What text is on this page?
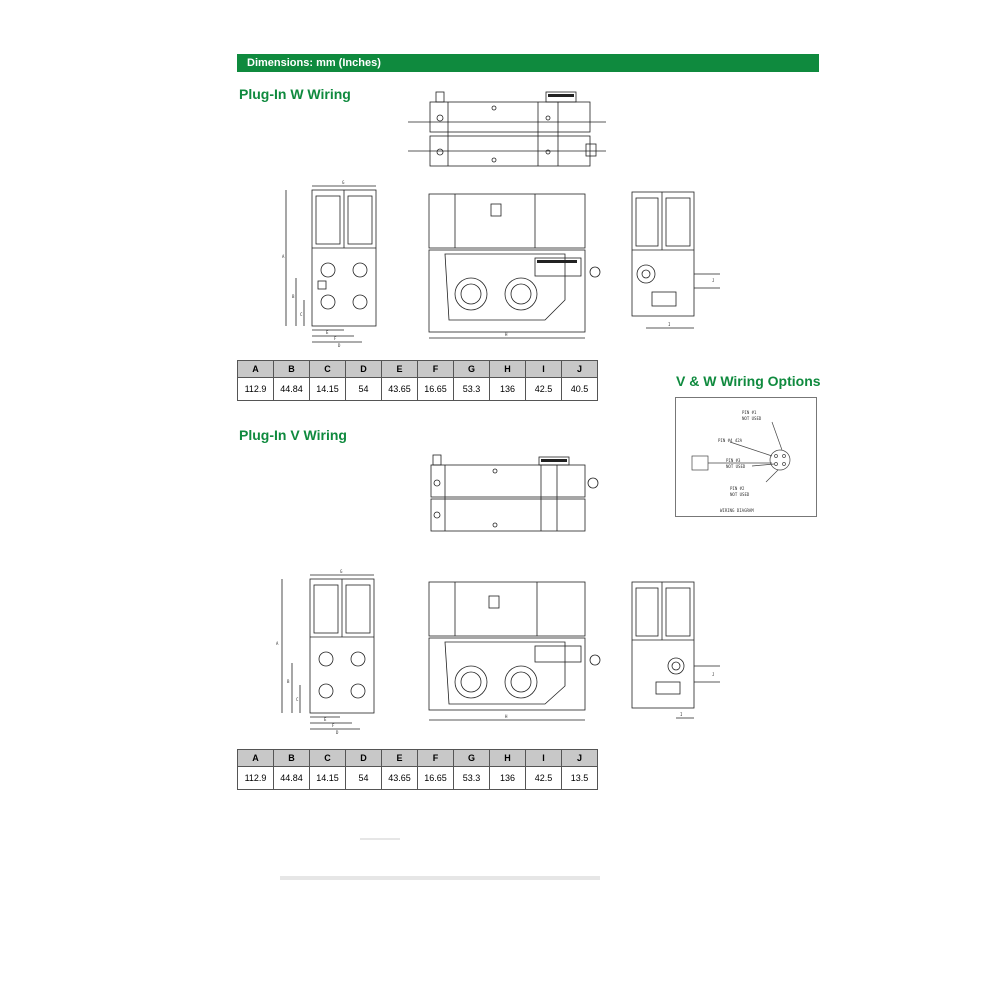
Dimensions: mm (Inches)
Plug-In W Wiring
Plug-In V Wiring
V & W Wiring Options
G
A
B
C
E
F
D
H
I
J
A	B	C	D	E	F	G	H	I	J
112.9	44.84	14.15	54	43.65	16.65	53.3	136	42.5	40.5
PIN #1
NOT USED
PIN #4 42A
PIN #3
NOT USED
PIN #2
NOT USED
WIRING DIAGRAM
G
A
B
C
E
F
D
H	I
J
A	B	C	D	E	F	G	H	I	J
112.9	44.84	14.15	54	43.65	16.65	53.3	136	42.5	13.5
